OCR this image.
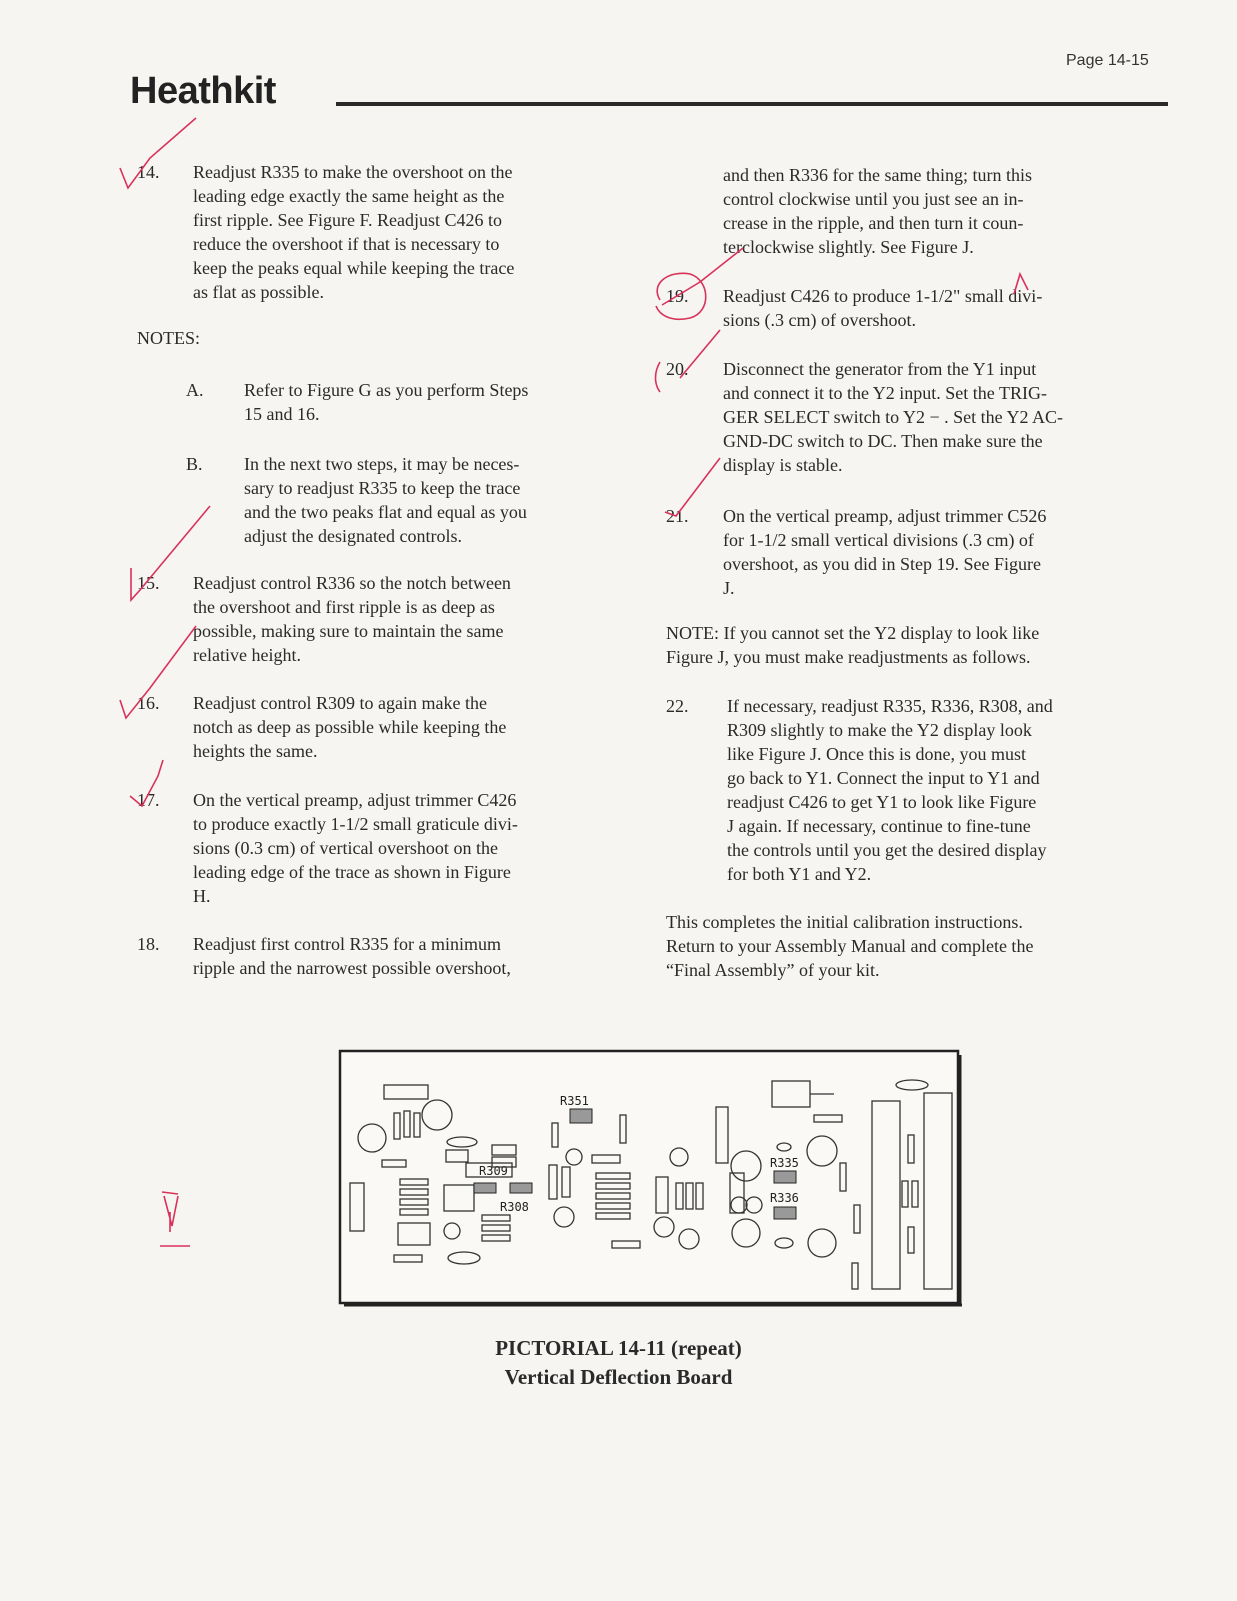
Page 14-15
Heathkit
14. Readjust R335 to make the overshoot on the
leading edge exactly the same height as the
first ripple. See Figure F. Readjust C426 to
reduce the overshoot if that is necessary to
keep the peaks equal while keeping the trace
as flat as possible.
NOTES:
A. Refer to Figure G as you perform Steps
15 and 16.
B. In the next two steps, it may be neces-
sary to readjust R335 to keep the trace
and the two peaks flat and equal as you
adjust the designated controls.
15. Readjust control R336 so the notch between
the overshoot and first ripple is as deep as
possible, making sure to maintain the same
relative height.
16. Readjust control R309 to again make the
notch as deep as possible while keeping the
heights the same.
17. On the vertical preamp, adjust trimmer C426
to produce exactly 1-1/2 small graticule divi-
sions (0.3 cm) of vertical overshoot on the
leading edge of the trace as shown in Figure
H.
18. Readjust first control R335 for a minimum
ripple and the narrowest possible overshoot,
and then R336 for the same thing; turn this
control clockwise until you just see an in-
crease in the ripple, and then turn it coun-
terclockwise slightly. See Figure J.
19. Readjust C426 to produce 1-1/2" small divi-
sions (.3 cm) of overshoot.
20. Disconnect the generator from the Y1 input
and connect it to the Y2 input. Set the TRIG-
GER SELECT switch to Y2 − . Set the Y2 AC-
GND-DC switch to DC. Then make sure the
display is stable.
21. On the vertical preamp, adjust trimmer C526
for 1-1/2 small vertical divisions (.3 cm) of
overshoot, as you did in Step 19. See Figure
J.
NOTE: If you cannot set the Y2 display to look like
Figure J, you must make readjustments as follows.
22. If necessary, readjust R335, R336, R308, and
R309 slightly to make the Y2 display look
like Figure J. Once this is done, you must
go back to Y1. Connect the input to Y1 and
readjust C426 to get Y1 to look like Figure
J again. If necessary, continue to fine-tune
the controls until you get the desired display
for both Y1 and Y2.
This completes the initial calibration instructions.
Return to your Assembly Manual and complete the
“Final Assembly” of your kit.
R309
R308
R351
R335
R336
PICTORIAL 14-11 (repeat)
Vertical Deflection Board
